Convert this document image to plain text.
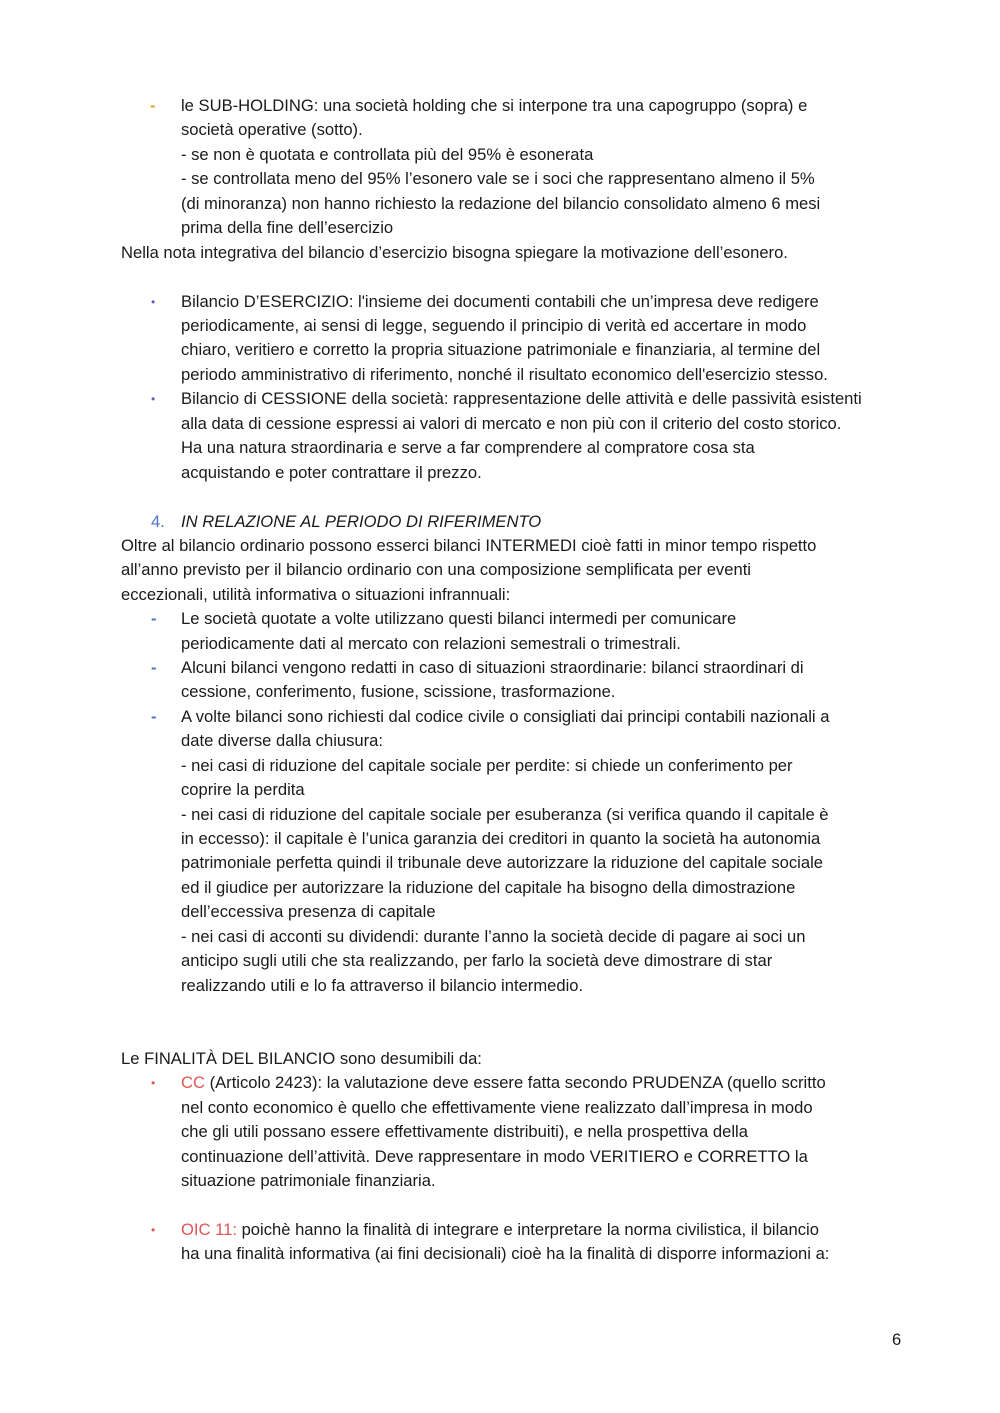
- le SUB-HOLDING: una società holding che si interpone tra una capogruppo (sopra) e
società operative (sotto).
- se non è quotata e controllata più del 95% è esonerata
- se controllata meno del 95% l’esonero vale se i soci che rappresentano almeno il 5%
(di minoranza) non hanno richiesto la redazione del bilancio consolidato almeno 6 mesi
prima della fine dell’esercizio
Nella nota integrativa del bilancio d’esercizio bisogna spiegare la motivazione dell’esonero.
• Bilancio D’ESERCIZIO: l'insieme dei documenti contabili che un’impresa deve redigere
periodicamente, ai sensi di legge, seguendo il principio di verità ed accertare in modo
chiaro, veritiero e corretto la propria situazione patrimoniale e finanziaria, al termine del
periodo amministrativo di riferimento, nonché il risultato economico dell'esercizio stesso.
• Bilancio di CESSIONE della società: rappresentazione delle attività e delle passività esistenti
alla data di cessione espressi ai valori di mercato e non più con il criterio del costo storico.
Ha una natura straordinaria e serve a far comprendere al compratore cosa sta
acquistando e poter contrattare il prezzo.
4. IN RELAZIONE AL PERIODO DI RIFERIMENTO
Oltre al bilancio ordinario possono esserci bilanci INTERMEDI cioè fatti in minor tempo rispetto
all’anno previsto per il bilancio ordinario con una composizione semplificata per eventi
eccezionali, utilità informativa o situazioni infrannuali:
- Le società quotate a volte utilizzano questi bilanci intermedi per comunicare
periodicamente dati al mercato con relazioni semestrali o trimestrali.
- Alcuni bilanci vengono redatti in caso di situazioni straordinarie: bilanci straordinari di
cessione, conferimento, fusione, scissione, trasformazione.
- A volte bilanci sono richiesti dal codice civile o consigliati dai principi contabili nazionali a
date diverse dalla chiusura:
- nei casi di riduzione del capitale sociale per perdite: si chiede un conferimento per
coprire la perdita
- nei casi di riduzione del capitale sociale per esuberanza (si verifica quando il capitale è
in eccesso): il capitale è l’unica garanzia dei creditori in quanto la società ha autonomia
patrimoniale perfetta quindi il tribunale deve autorizzare la riduzione del capitale sociale
ed il giudice per autorizzare la riduzione del capitale ha bisogno della dimostrazione
dell’eccessiva presenza di capitale
- nei casi di acconti su dividendi: durante l’anno la società decide di pagare ai soci un
anticipo sugli utili che sta realizzando, per farlo la società deve dimostrare di star
realizzando utili e lo fa attraverso il bilancio intermedio.
Le FINALITÀ DEL BILANCIO sono desumibili da:
• CC (Articolo 2423): la valutazione deve essere fatta secondo PRUDENZA (quello scritto
nel conto economico è quello che effettivamente viene realizzato dall’impresa in modo
che gli utili possano essere effettivamente distribuiti), e nella prospettiva della
continuazione dell’attività. Deve rappresentare in modo VERITIERO e CORRETTO la
situazione patrimoniale finanziaria.
• OIC 11: poichè hanno la finalità di integrare e interpretare la norma civilistica, il bilancio
ha una finalità informativa (ai fini decisionali) cioè ha la finalità di disporre informazioni a:
6
